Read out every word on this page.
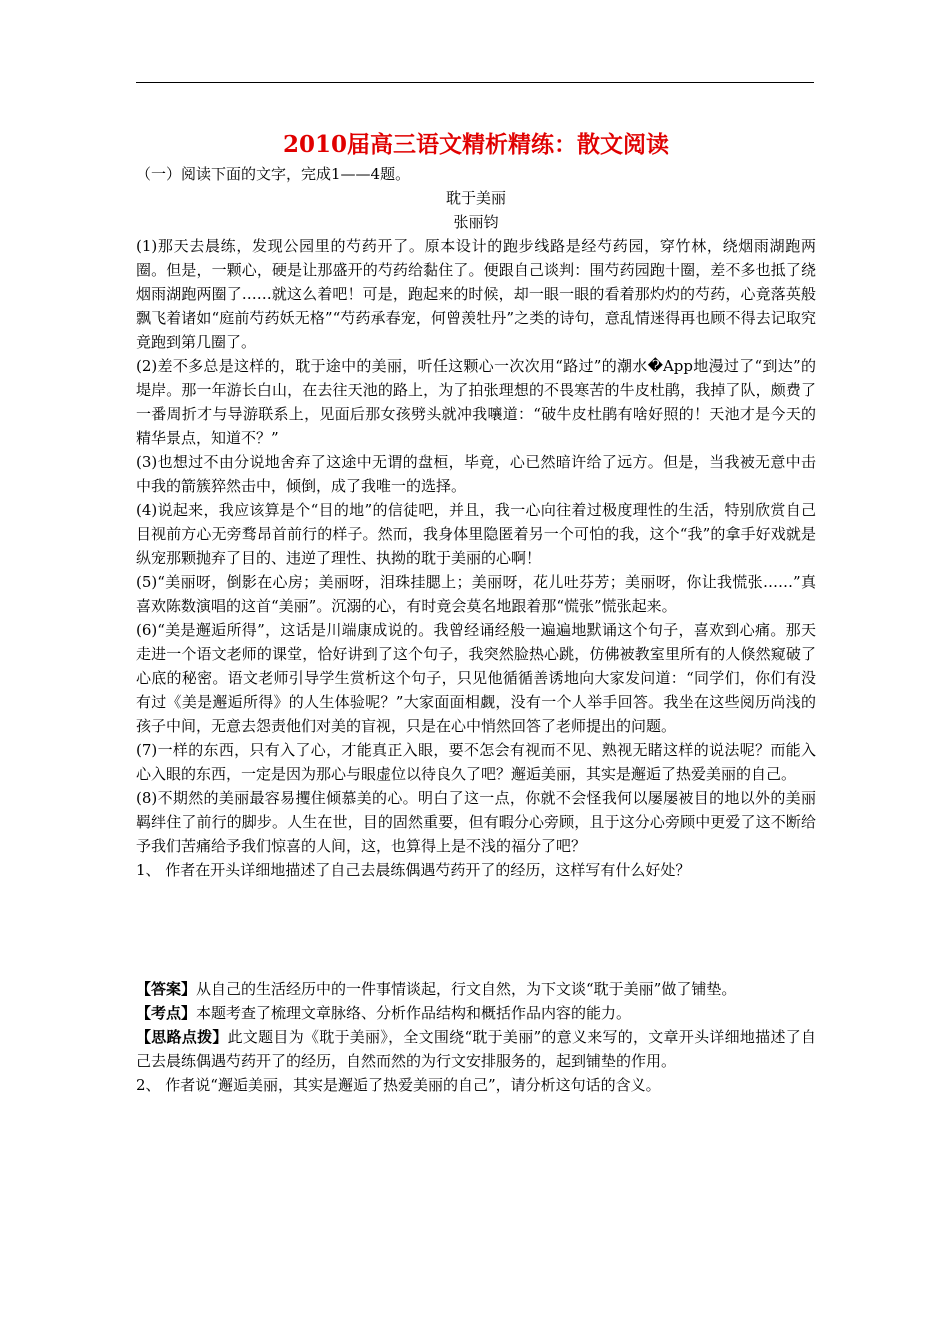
2010届高三语文精析精练：散文阅读

（一）阅读下面的文字，完成1——4题。

耽于美丽

张丽钧

(1)那天去晨练，发现公园里的芍药开了。原本设计的跑步线路是经芍药园，穿竹林，绕烟雨湖跑两圈。但是，一颗心，硬是让那盛开的芍药给黏住了。便跟自己谈判：围芍药园跑十圈，差不多也抵了绕烟雨湖跑两圈了……就这么着吧！可是，跑起来的时候，却一眼一眼的看着那灼灼的芍药，心竟落英般飘飞着诸如“庭前芍药妖无格”“芍药承春宠，何曾羡牡丹”之类的诗句，意乱情迷得再也顾不得去记取究竟跑到第几圈了。

(2)差不多总是这样的，耽于途中的美丽，听任这颗心一次次用“路过”的潮水�App地漫过了“到达”的堤岸。那一年游长白山，在去往天池的路上，为了拍张理想的不畏寒苦的牛皮杜鹃，我掉了队，颇费了一番周折才与导游联系上，见面后那女孩劈头就冲我嚷道：“破牛皮杜鹃有啥好照的！天池才是今天的精华景点，知道不？”

(3)也想过不由分说地舍弃了这途中无谓的盘桓，毕竟，心已然暗许给了远方。但是，当我被无意中击中我的箭簇猝然击中，倾倒，成了我唯一的选择。

(4)说起来，我应该算是个“目的地”的信徒吧，并且，我一心向往着过极度理性的生活，特别欣赏自己目视前方心无旁骛昂首前行的样子。然而，我身体里隐匿着另一个可怕的我，这个“我”的拿手好戏就是纵宠那颗抛弃了目的、违逆了理性、执拗的耽于美丽的心啊！

(5)“美丽呀，倒影在心房；美丽呀，泪珠挂腮上；美丽呀，花儿吐芬芳；美丽呀，你让我慌张……”真喜欢陈数演唱的这首“美丽”。沉溺的心，有时竟会莫名地跟着那“慌张”慌张起来。

(6)“美是邂逅所得”，这话是川端康成说的。我曾经诵经般一遍遍地默诵这个句子，喜欢到心痛。那天走进一个语文老师的课堂，恰好讲到了这个句子，我突然脸热心跳，仿佛被教室里所有的人倏然窥破了心底的秘密。语文老师引导学生赏析这个句子，只见他循循善诱地向大家发问道：“同学们，你们有没有过《美是邂逅所得》的人生体验呢？”大家面面相觑，没有一个人举手回答。我坐在这些阅历尚浅的孩子中间，无意去怨责他们对美的盲视，只是在心中悄然回答了老师提出的问题。

(7)一样的东西，只有入了心，才能真正入眼，要不怎会有视而不见、熟视无睹这样的说法呢？而能入心入眼的东西，一定是因为那心与眼虚位以待良久了吧？邂逅美丽，其实是邂逅了热爱美丽的自己。

(8)不期然的美丽最容易攫住倾慕美的心。明白了这一点，你就不会怪我何以屡屡被目的地以外的美丽羁绊住了前行的脚步。人生在世，目的固然重要，但有暇分心旁顾，且于这分心旁顾中更爱了这不断给予我们苦痛给予我们惊喜的人间，这，也算得上是不浅的福分了吧？

1、 作者在开头详细地描述了自己去晨练偶遇芍药开了的经历，这样写有什么好处？

【答案】从自己的生活经历中的一件事情谈起，行文自然，为下文谈“耽于美丽”做了铺垫。

【考点】本题考查了梳理文章脉络、分析作品结构和概括作品内容的能力。

【思路点拨】此文题目为《耽于美丽》，全文围绕“耽于美丽”的意义来写的，文章开头详细地描述了自己去晨练偶遇芍药开了的经历，自然而然的为行文安排服务的，起到铺垫的作用。

2、 作者说“邂逅美丽，其实是邂逅了热爱美丽的自己”，请分析这句话的含义。
